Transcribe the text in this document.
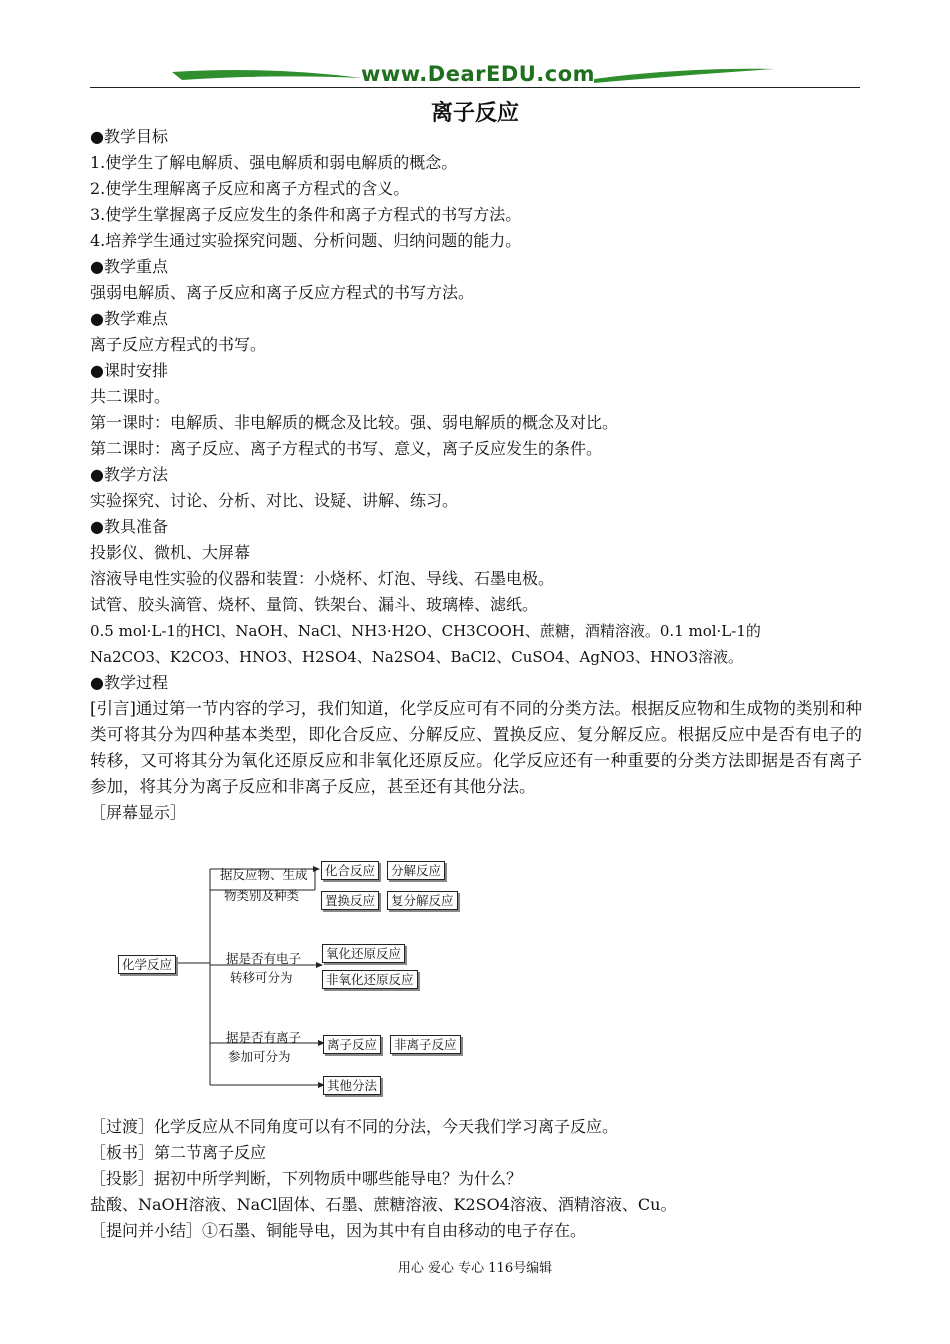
www.DearEDU.com
离子反应
●教学目标
1.使学生了解电解质、强电解质和弱电解质的概念。
2.使学生理解离子反应和离子方程式的含义。
3.使学生掌握离子反应发生的条件和离子方程式的书写方法。
4.培养学生通过实验探究问题、分析问题、归纳问题的能力。
●教学重点
强弱电解质、离子反应和离子反应方程式的书写方法。
●教学难点
离子反应方程式的书写。
●课时安排
共二课时。
第一课时：电解质、非电解质的概念及比较。强、弱电解质的概念及对比。
第二课时：离子反应、离子方程式的书写、意义，离子反应发生的条件。
●教学方法
实验探究、讨论、分析、对比、设疑、讲解、练习。
●教具准备
投影仪、微机、大屏幕
溶液导电性实验的仪器和装置：小烧杯、灯泡、导线、石墨电极。
试管、胶头滴管、烧杯、量筒、铁架台、漏斗、玻璃棒、滤纸。
0.5 mol·L-1的HCl、NaOH、NaCl、NH3·H2O、CH3COOH、蔗糖，酒精溶液。0.1 mol·L-1的
Na2CO3、K2CO3、HNO3、H2SO4、Na2SO4、BaCl2、CuSO4、AgNO3、HNO3溶液。
●教学过程
[引言]通过第一节内容的学习，我们知道，化学反应可有不同的分类方法。根据反应物和生成物的类别和种类可将其分为四种基本类型，即化合反应、分解反应、置换反应、复分解反应。根据反应中是否有电子的转移，又可将其分为氧化还原反应和非氧化还原反应。化学反应还有一种重要的分类方法即据是否有离子参加，将其分为离子反应和非离子反应，甚至还有其他分法。
［屏幕显示］
化学反应
据反应物、生成
物类别及种类
化合反应	分解反应
置换反应	复分解反应
据是否有电子
转移可分为
氧化还原反应
非氧化还原反应
据是否有离子
参加可分为
离子反应	非离子反应
其他分法
［过渡］化学反应从不同角度可以有不同的分法，今天我们学习离子反应。
［板书］第二节离子反应
［投影］据初中所学判断，下列物质中哪些能导电？为什么？
盐酸、NaOH溶液、NaCl固体、石墨、蔗糖溶液、K2SO4溶液、酒精溶液、Cu。
［提问并小结］①石墨、铜能导电，因为其中有自由移动的电子存在。
用心 爱心 专心 116号编辑
